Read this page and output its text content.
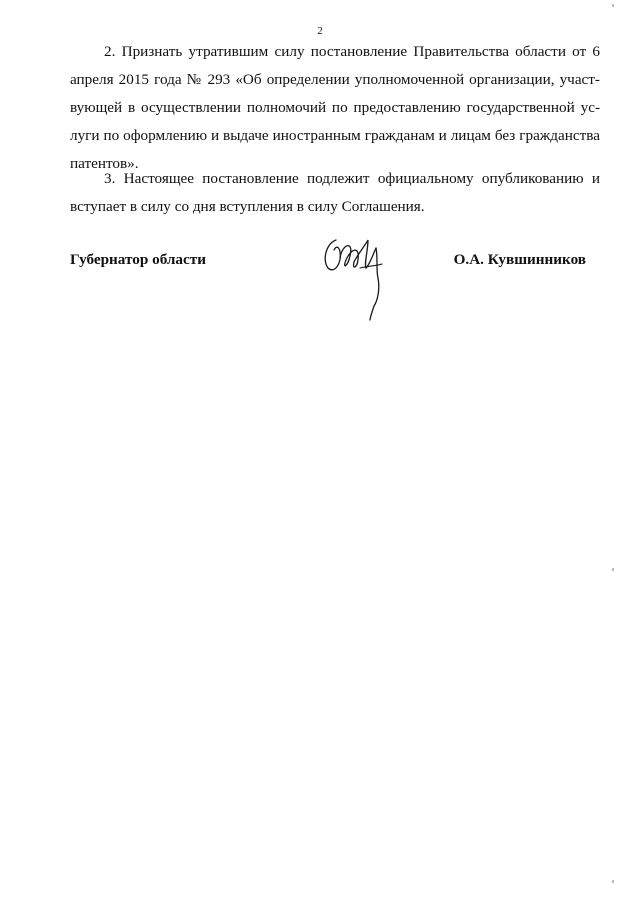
2
2. Признать утратившим силу постановление Правительства области от 6
апреля 2015 года № 293 «Об определении уполномоченной организации, участ-
вующей в осуществлении полномочий по предоставлению государственной ус-
луги по оформлению и выдаче иностранным гражданам и лицам без гражданства
патентов».
3. Настоящее постановление подлежит официальному опубликованию и
вступает в силу со дня вступления в силу Соглашения.
Губернатор области	О.А. Кувшинников
